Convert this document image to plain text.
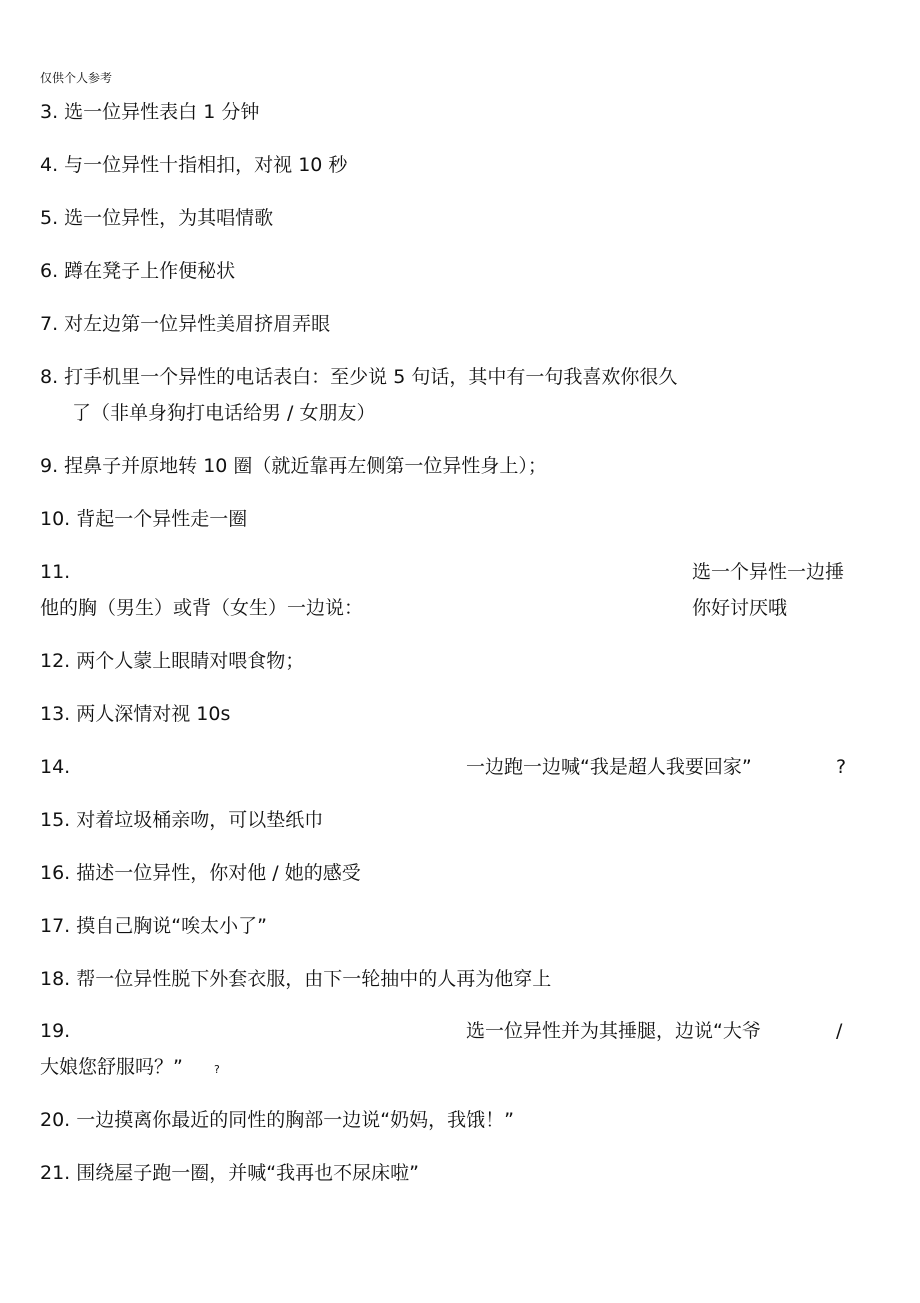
仅供个人参考
3. 选一位异性表白 1 分钟
4. 与一位异性十指相扣，对视 10 秒
5. 选一位异性，为其唱情歌
6. 蹲在凳子上作便秘状
7. 对左边第一位异性美眉挤眉弄眼
8. 打手机里一个异性的电话表白：至少说 5 句话，其中有一句我喜欢你很久
了（非单身狗打电话给男 / 女朋友）
9. 捏鼻子并原地转 10 圈（就近靠再左侧第一位异性身上）；
10. 背起一个异性走一圈
11.	选一个异性一边捶
他的胸（男生）或背（女生）一边说：	你好讨厌哦
12. 两个人蒙上眼睛对喂食物；
13. 两人深情对视 10s
14.	一边跑一边喊“我是超人我要回家”	?
15. 对着垃圾桶亲吻，可以垫纸巾
16. 描述一位异性，你对他 / 她的感受
17. 摸自己胸说“唉太小了”
18. 帮一位异性脱下外套衣服，由下一轮抽中的人再为他穿上
19.	选一位异性并为其捶腿，边说“大爷	/
大娘您舒服吗？”	?
20. 一边摸离你最近的同性的胸部一边说“奶妈，我饿！”
21. 围绕屋子跑一圈，并喊“我再也不尿床啦”
